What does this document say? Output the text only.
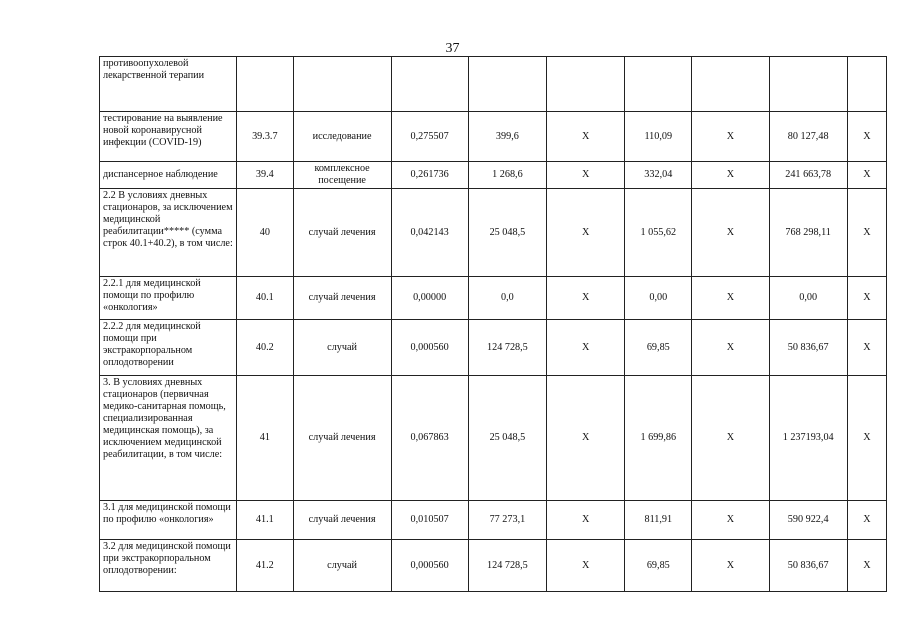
37
противоопухолевой лекарственной терапии									
тестирование на выявление новой коронавирусной инфекции (COVID-19)	39.3.7	исследование	0,275507	399,6	Х	110,09	Х	80 127,48	Х
диспансерное наблюдение	39.4	комплексное посещение	0,261736	1 268,6	Х	332,04	Х	241 663,78	Х
2.2 В условиях дневных стационаров, за исключением медицинской реабилитации***** (сумма строк 40.1+40.2), в том числе:	40	случай лечения	0,042143	25 048,5	Х	1 055,62	Х	768 298,11	Х
2.2.1 для медицинской помощи по профилю «онкология»	40.1	случай лечения	0,00000	0,0	Х	0,00	Х	0,00	Х
2.2.2 для медицинской помощи при экстракорпоральном оплодотворении	40.2	случай	0,000560	124 728,5	Х	69,85	Х	50 836,67	Х
3. В условиях дневных стационаров (первичная медико-санитарная помощь, специализированная медицинская помощь), за исключением медицинской реабилитации, в том числе:	41	случай лечения	0,067863	25 048,5	Х	1 699,86	Х	1 237193,04	Х
3.1 для медицинской помощи по профилю «онкология»	41.1	случай лечения	0,010507	77 273,1	Х	811,91	Х	590 922,4	Х
3.2 для медицинской помощи при экстракорпоральном оплодотворении:	41.2	случай	0,000560	124 728,5	Х	69,85	Х	50 836,67	Х
